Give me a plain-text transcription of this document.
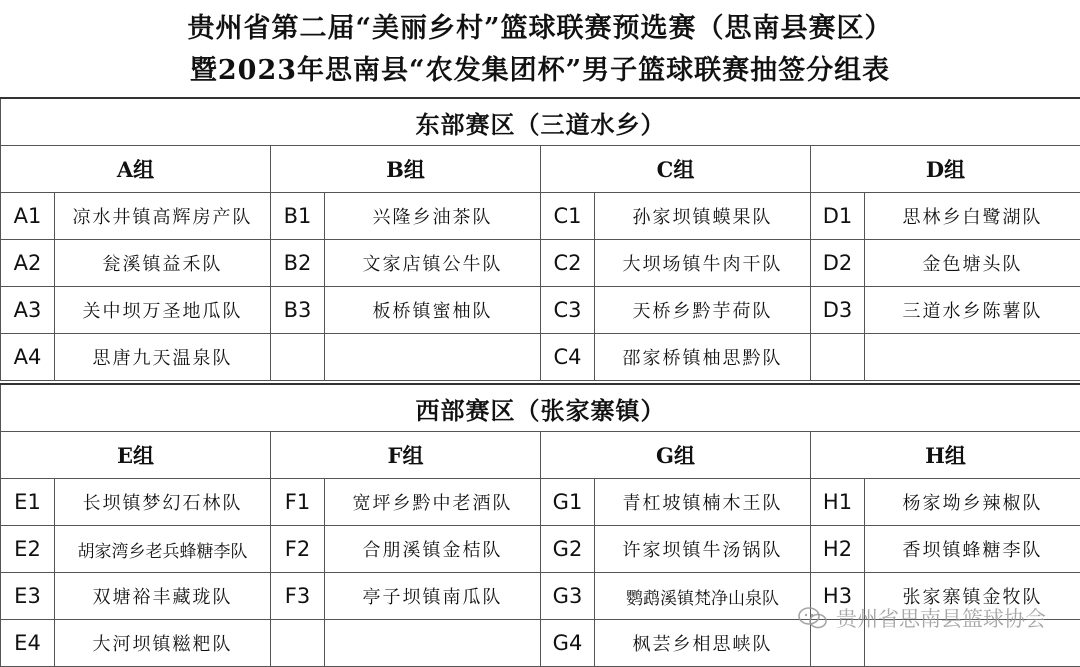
贵州省第二届“美丽乡村”篮球联赛预选赛（思南县赛区）
暨2023年思南县“农发集团杯”男子篮球联赛抽签分组表
东部赛区（三道水乡）							
A组		B组		C组		D组	
A1	凉水井镇高辉房产队	B1	兴隆乡油茶队	C1	孙家坝镇蟆果队	D1	思林乡白鹭湖队
A2	瓮溪镇益禾队	B2	文家店镇公牛队	C2	大坝场镇牛肉干队	D2	金色塘头队
A3	关中坝万圣地瓜队	B3	板桥镇蜜柚队	C3	天桥乡黔芋荷队	D3	三道水乡陈薯队
A4	思唐九天温泉队			C4	邵家桥镇柚思黔队		
西部赛区（张家寨镇）							
E组		F组		G组		H组	
E1	长坝镇梦幻石林队	F1	宽坪乡黔中老酒队	G1	青杠坡镇楠木王队	H1	杨家坳乡辣椒队
E2	胡家湾乡老兵蜂糖李队	F2	合朋溪镇金桔队	G2	许家坝镇牛汤锅队	H2	香坝镇蜂糖李队
E3	双塘裕丰藏珑队	F3	亭子坝镇南瓜队	G3	鹦鹉溪镇梵净山泉队	H3	张家寨镇金牧队
E4	大河坝镇糍粑队			G4	枫芸乡相思峡队		
贵州省思南县篮球协会
